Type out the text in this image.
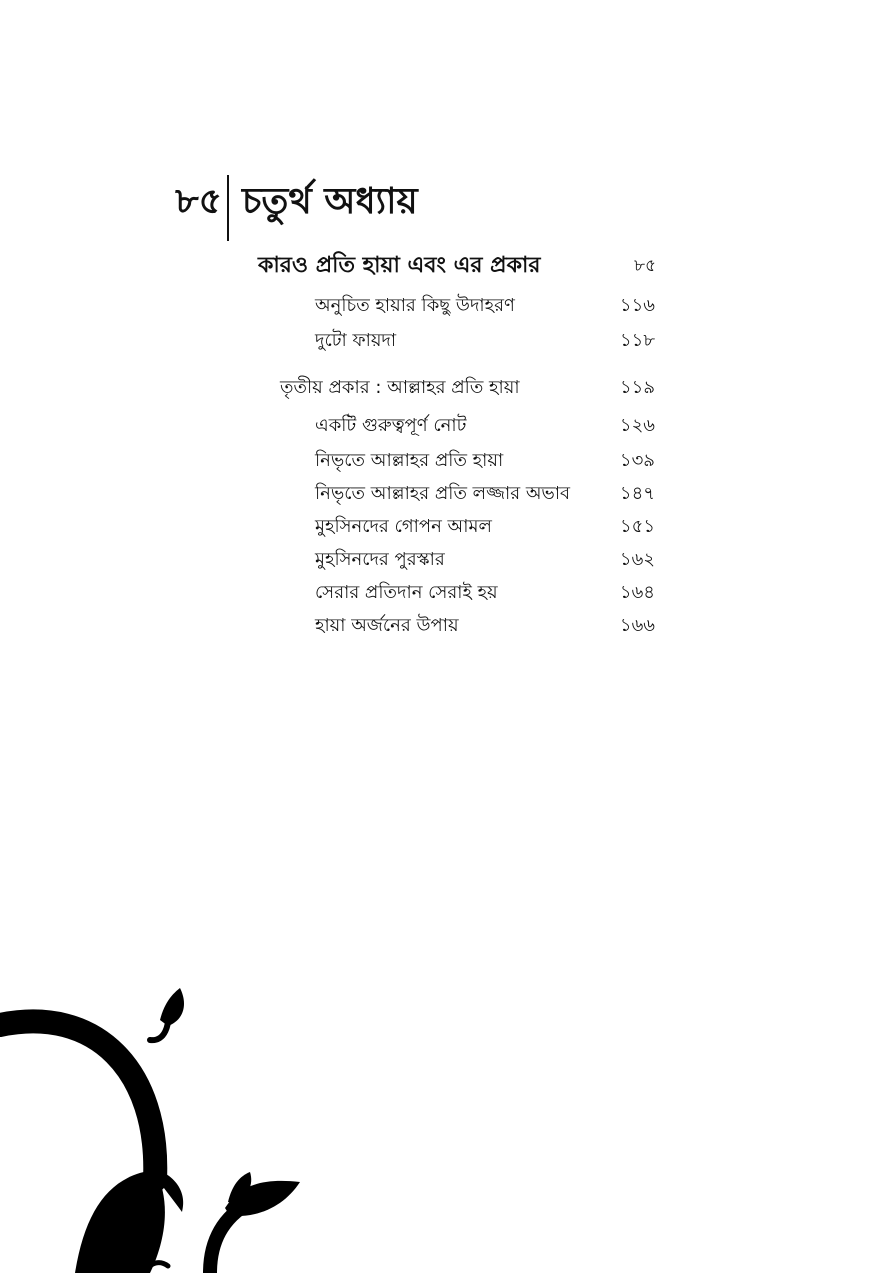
৮৫ চতুর্থ অধ্যায়
কারও প্রতি হায়া এবং এর প্রকার	৮৫
অনুচিত হায়ার কিছু উদাহরণ	১১৬
দুটো ফায়দা	১১৮
তৃতীয় প্রকার : আল্লাহর প্রতি হায়া	১১৯
একটি গুরুত্বপূর্ণ নোট	১২৬
নিভৃতে আল্লাহর প্রতি হায়া	১৩৯
নিভৃতে আল্লাহর প্রতি লজ্জার অভাব	১৪৭
মুহসিনদের গোপন আমল	১৫১
মুহসিনদের পুরস্কার	১৬২
সেরার প্রতিদান সেরাই হয়	১৬৪
হায়া অর্জনের উপায়	১৬৬
